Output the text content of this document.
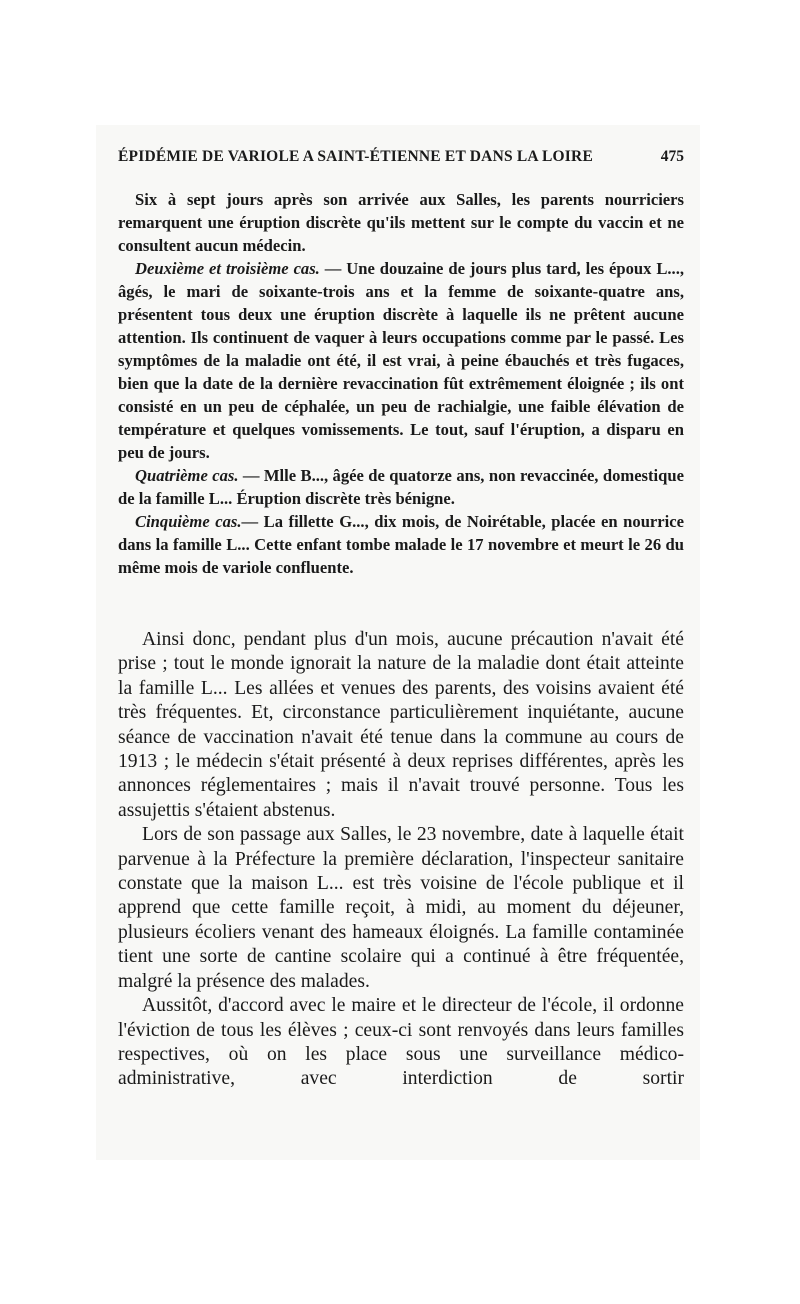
ÉPIDÉMIE DE VARIOLE A SAINT-ÉTIENNE ET DANS LA LOIRE	475

Six à sept jours après son arrivée aux Salles, les parents nourriciers remarquent une éruption discrète qu'ils mettent sur le compte du vaccin et ne consultent aucun médecin.

Deuxième et troisième cas. — Une douzaine de jours plus tard, les époux L..., âgés, le mari de soixante-trois ans et la femme de soixante-quatre ans, présentent tous deux une éruption discrète à laquelle ils ne prêtent aucune attention. Ils continuent de vaquer à leurs occupations comme par le passé. Les symptômes de la maladie ont été, il est vrai, à peine ébauchés et très fugaces, bien que la date de la dernière revaccination fût extrêmement éloignée ; ils ont consisté en un peu de céphalée, un peu de rachialgie, une faible élévation de température et quelques vomissements. Le tout, sauf l'éruption, a disparu en peu de jours.

Quatrième cas. — Mlle B..., âgée de quatorze ans, non revaccinée, domestique de la famille L... Éruption discrète très bénigne.

Cinquième cas.— La fillette G..., dix mois, de Noirétable, placée en nourrice dans la famille L... Cette enfant tombe malade le 17 novembre et meurt le 26 du même mois de variole confluente.

Ainsi donc, pendant plus d'un mois, aucune précaution n'avait été prise ; tout le monde ignorait la nature de la maladie dont était atteinte la famille L... Les allées et venues des parents, des voisins avaient été très fréquentes. Et, circonstance particulièrement inquiétante, aucune séance de vaccination n'avait été tenue dans la commune au cours de 1913 ; le médecin s'était présenté à deux reprises différentes, après les annonces réglementaires ; mais il n'avait trouvé personne. Tous les assujettis s'étaient abstenus.

Lors de son passage aux Salles, le 23 novembre, date à laquelle était parvenue à la Préfecture la première déclaration, l'inspecteur sanitaire constate que la maison L... est très voisine de l'école publique et il apprend que cette famille reçoit, à midi, au moment du déjeuner, plusieurs écoliers venant des hameaux éloignés. La famille contaminée tient une sorte de cantine scolaire qui a continué à être fréquentée, malgré la présence des malades.

Aussitôt, d'accord avec le maire et le directeur de l'école, il ordonne l'éviction de tous les élèves ; ceux-ci sont renvoyés dans leurs familles respectives, où on les place sous une surveillance médico-administrative, avec interdiction de sortir
